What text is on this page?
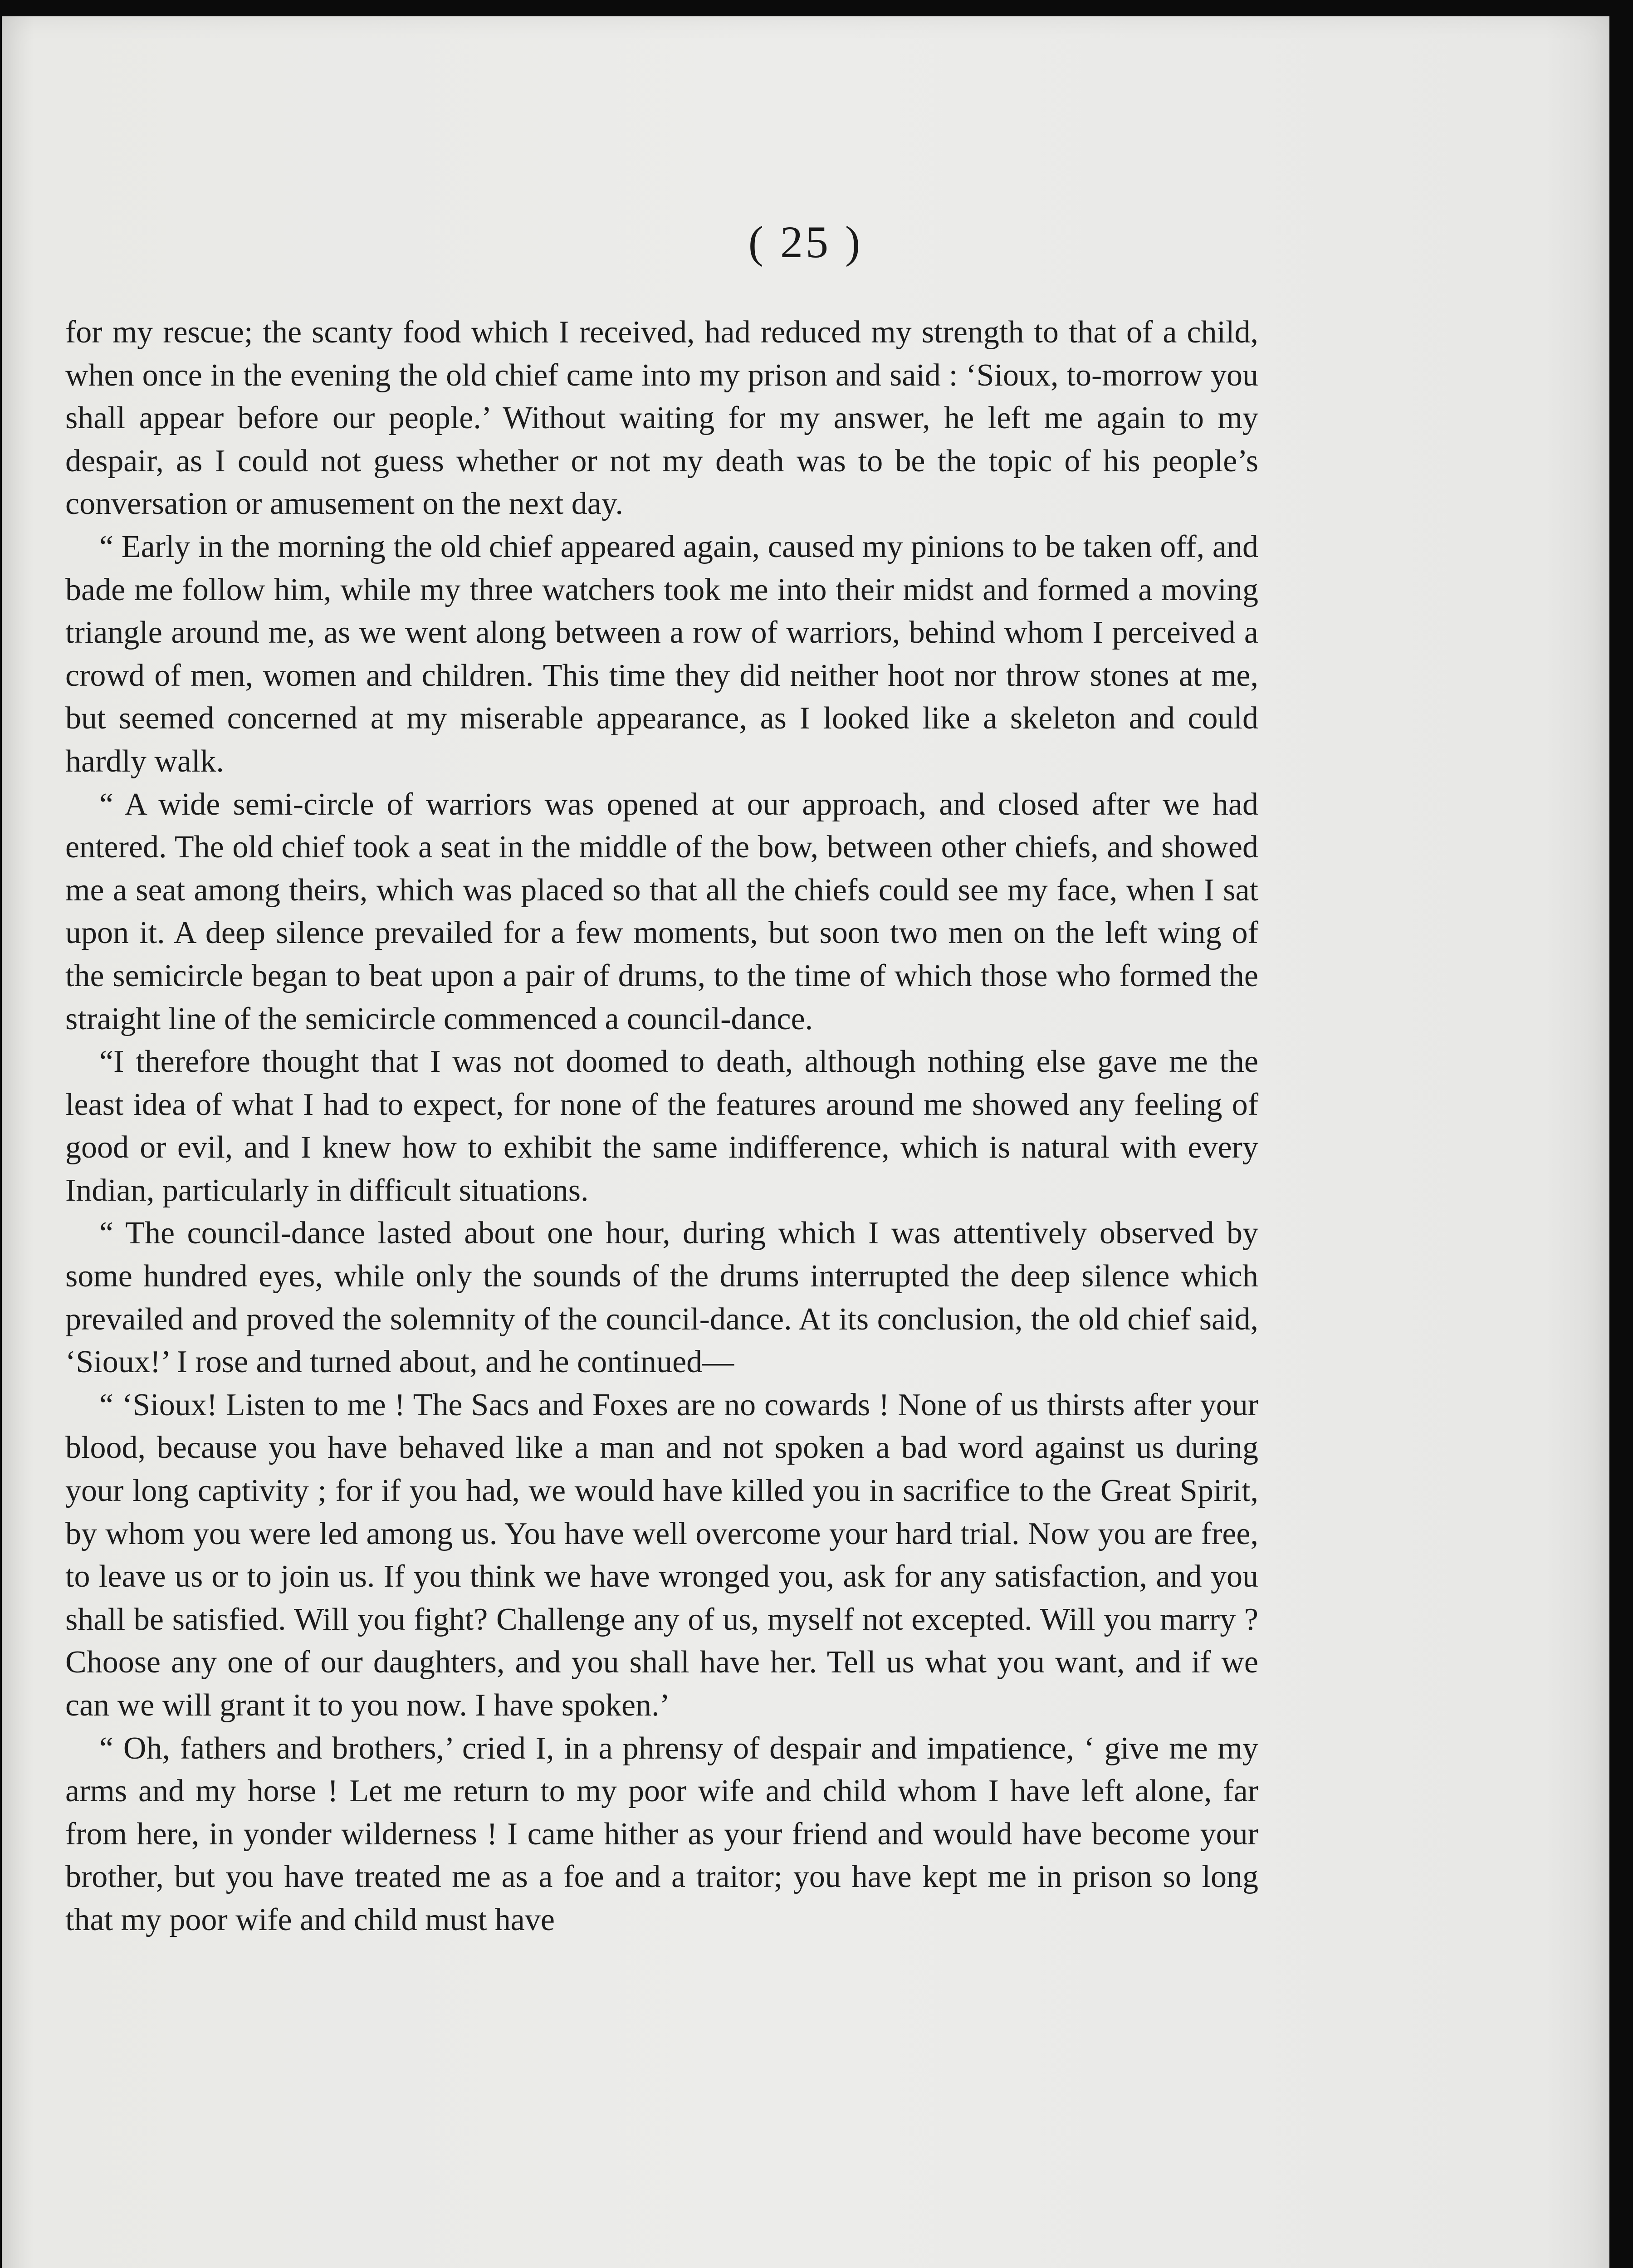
( 25 )

for my rescue; the scanty food which I received, had reduced my strength to that of a child, when once in the evening the old chief came into my prison and said : ‘Sioux, to-morrow you shall appear before our people.’ Without waiting for my answer, he left me again to my despair, as I could not guess whether or not my death was to be the topic of his people’s conversation or amusement on the next day.

“ Early in the morning the old chief appeared again, caused my pinions to be taken off, and bade me follow him, while my three watchers took me into their midst and formed a moving triangle around me, as we went along between a row of warriors, behind whom I perceived a crowd of men, women and children. This time they did neither hoot nor throw stones at me, but seemed concerned at my miserable appearance, as I looked like a skeleton and could hardly walk.

“ A wide semi-circle of warriors was opened at our approach, and closed after we had entered. The old chief took a seat in the middle of the bow, between other chiefs, and showed me a seat among theirs, which was placed so that all the chiefs could see my face, when I sat upon it. A deep silence prevailed for a few moments, but soon two men on the left wing of the semicircle began to beat upon a pair of drums, to the time of which those who formed the straight line of the semicircle commenced a council-dance.

“I therefore thought that I was not doomed to death, although nothing else gave me the least idea of what I had to expect, for none of the features around me showed any feeling of good or evil, and I knew how to exhibit the same indifference, which is natural with every Indian, particularly in difficult situations.

“ The council-dance lasted about one hour, during which I was attentively observed by some hundred eyes, while only the sounds of the drums interrupted the deep silence which prevailed and proved the solemnity of the council-dance. At its conclusion, the old chief said, ‘Sioux!’ I rose and turned about, and he continued—

“ ‘Sioux! Listen to me ! The Sacs and Foxes are no cowards ! None of us thirsts after your blood, because you have behaved like a man and not spoken a bad word against us during your long captivity ; for if you had, we would have killed you in sacrifice to the Great Spirit, by whom you were led among us. You have well overcome your hard trial. Now you are free, to leave us or to join us. If you think we have wronged you, ask for any satisfaction, and you shall be satisfied. Will you fight? Challenge any of us, myself not excepted. Will you marry ? Choose any one of our daughters, and you shall have her. Tell us what you want, and if we can we will grant it to you now. I have spoken.’

“ Oh, fathers and brothers,’ cried I, in a phrensy of despair and impatience, ‘ give me my arms and my horse ! Let me return to my poor wife and child whom I have left alone, far from here, in yonder wilderness ! I came hither as your friend and would have become your brother, but you have treated me as a foe and a traitor; you have kept me in prison so long that my poor wife and child must have
